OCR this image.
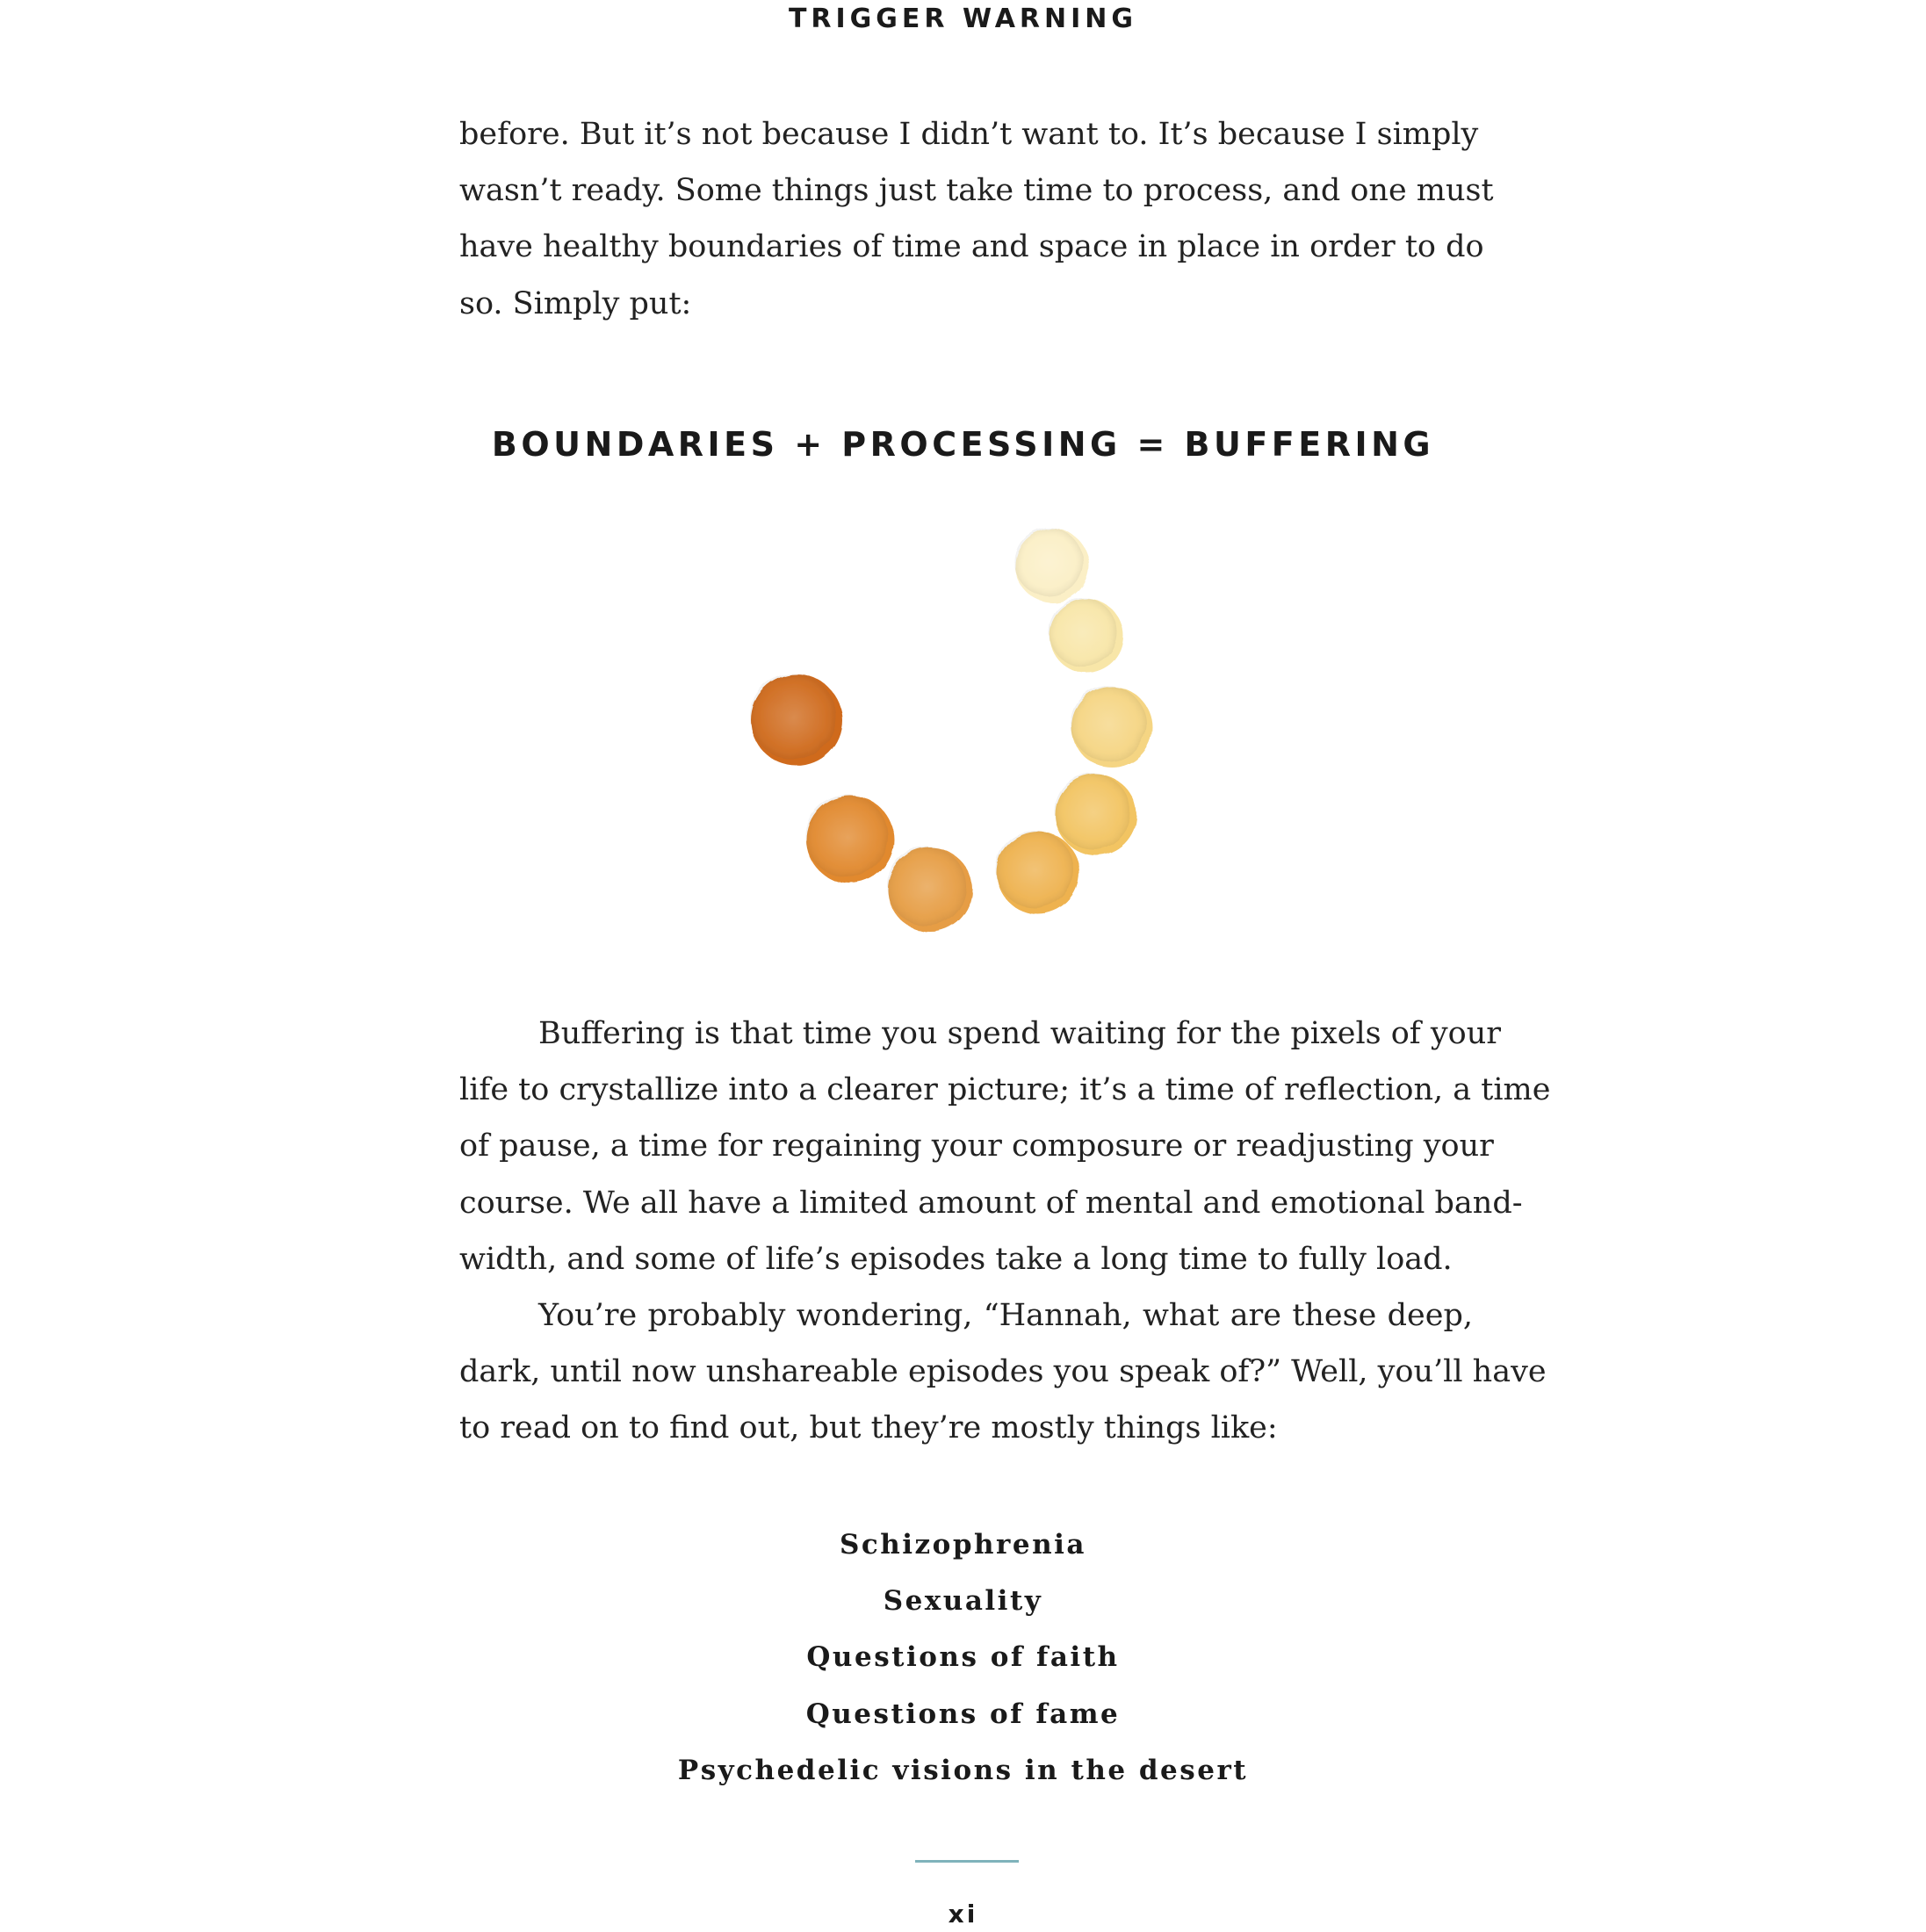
TRIGGER WARNING

before. But it’s not because I didn’t want to. It’s because I simply
wasn’t ready. Some things just take time to process, and one must
have healthy boundaries of time and space in place in order to do
so. Simply put:

BOUNDARIES + PROCESSING = BUFFERING

Buffering is that time you spend waiting for the pixels of your
life to crystallize into a clearer picture; it’s a time of reflection, a time
of pause, a time for regaining your composure or readjusting your
course. We all have a limited amount of mental and emotional band-
width, and some of life’s episodes take a long time to fully load.

You’re probably wondering, “Hannah, what are these deep,
dark, until now unshareable episodes you speak of?” Well, you’ll have
to read on to find out, but they’re mostly things like:

Schizophrenia
Sexuality
Questions of faith
Questions of fame
Psychedelic visions in the desert
xi
